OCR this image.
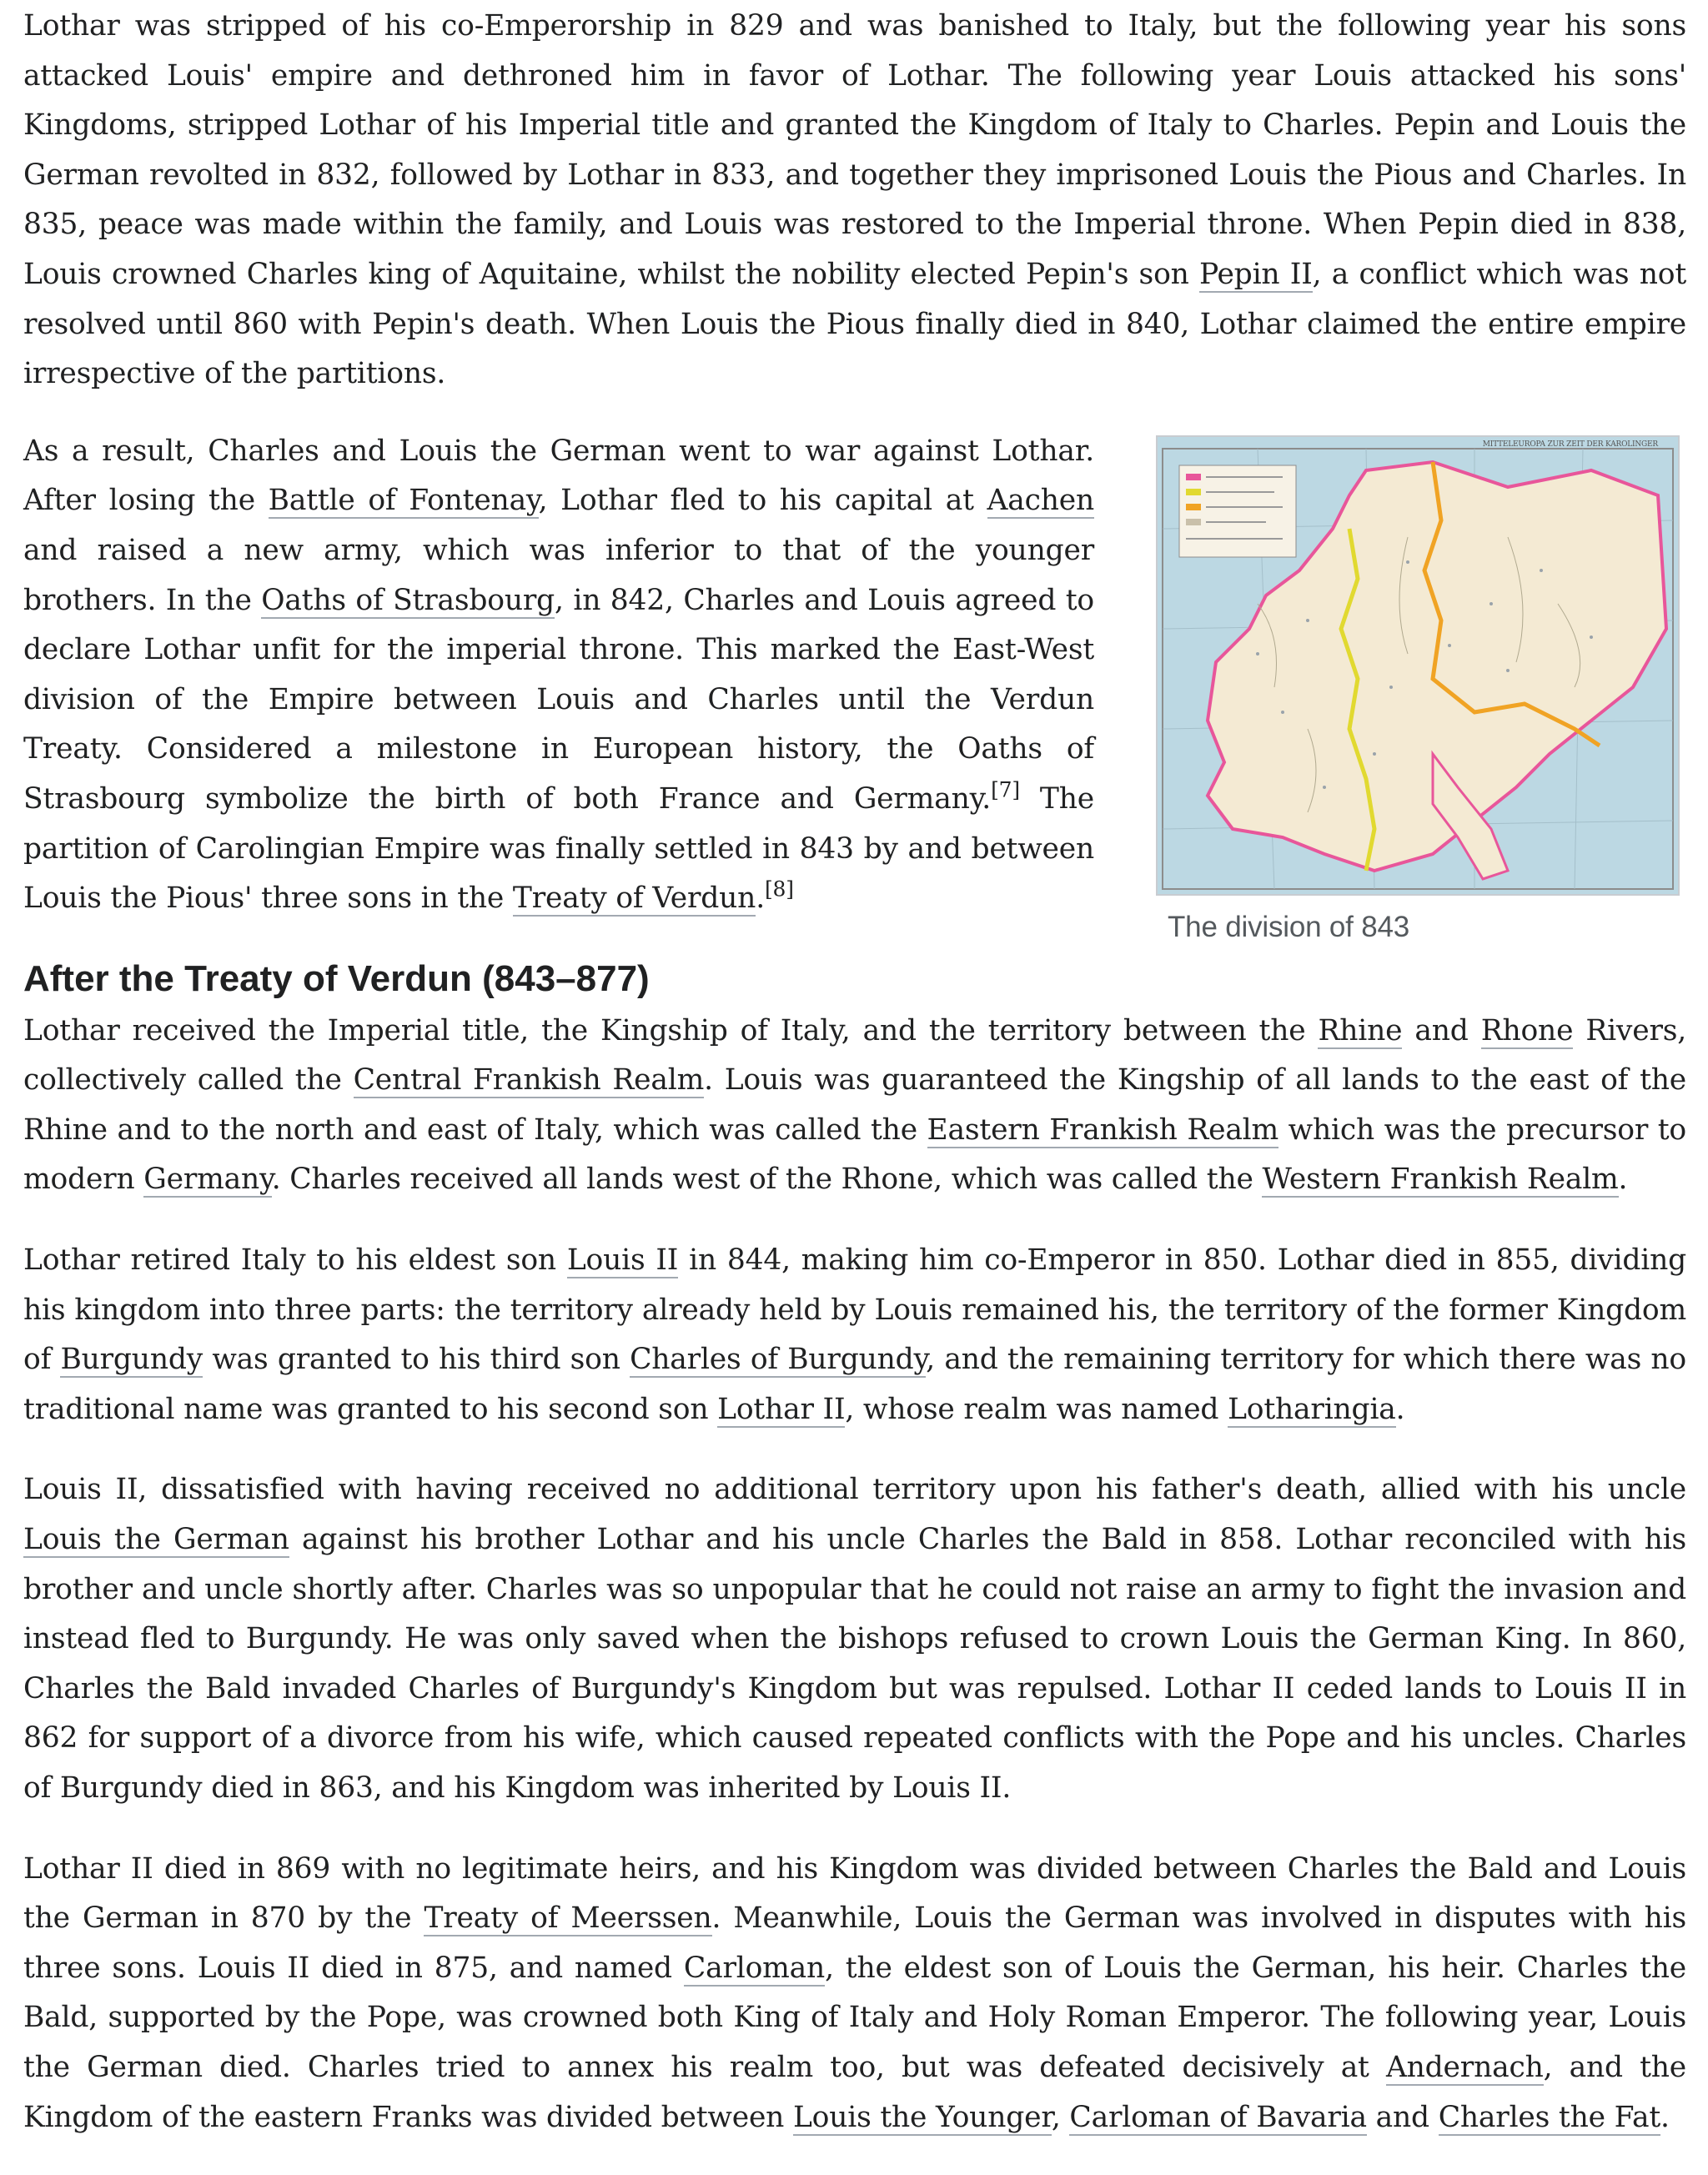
Lothar was stripped of his co-Emperorship in 829 and was banished to Italy, but the following year his sons attacked Louis' empire and dethroned him in favor of Lothar. The following year Louis attacked his sons' Kingdoms, stripped Lothar of his Imperial title and granted the Kingdom of Italy to Charles. Pepin and Louis the German revolted in 832, followed by Lothar in 833, and together they imprisoned Louis the Pious and Charles. In 835, peace was made within the family, and Louis was restored to the Imperial throne. When Pepin died in 838, Louis crowned Charles king of Aquitaine, whilst the nobility elected Pepin's son Pepin II, a conflict which was not resolved until 860 with Pepin's death. When Louis the Pious finally died in 840, Lothar claimed the entire empire irrespective of the partitions.

MITTELEUROPA ZUR ZEIT DER KAROLINGER
The division of 843
As a result, Charles and Louis the German went to war against Lothar. After losing the Battle of Fontenay, Lothar fled to his capital at Aachen and raised a new army, which was inferior to that of the younger brothers. In the Oaths of Strasbourg, in 842, Charles and Louis agreed to declare Lothar unfit for the imperial throne. This marked the East-West division of the Empire between Louis and Charles until the Verdun Treaty. Considered a milestone in European history, the Oaths of Strasbourg symbolize the birth of both France and Germany.[7] The partition of Carolingian Empire was finally settled in 843 by and between Louis the Pious' three sons in the Treaty of Verdun.[8]

After the Treaty of Verdun (843–877)

Lothar received the Imperial title, the Kingship of Italy, and the territory between the Rhine and Rhone Rivers, collectively called the Central Frankish Realm. Louis was guaranteed the Kingship of all lands to the east of the Rhine and to the north and east of Italy, which was called the Eastern Frankish Realm which was the precursor to modern Germany. Charles received all lands west of the Rhone, which was called the Western Frankish Realm.

Lothar retired Italy to his eldest son Louis II in 844, making him co-Emperor in 850. Lothar died in 855, dividing his kingdom into three parts: the territory already held by Louis remained his, the territory of the former Kingdom of Burgundy was granted to his third son Charles of Burgundy, and the remaining territory for which there was no traditional name was granted to his second son Lothar II, whose realm was named Lotharingia.

Louis II, dissatisfied with having received no additional territory upon his father's death, allied with his uncle Louis the German against his brother Lothar and his uncle Charles the Bald in 858. Lothar reconciled with his brother and uncle shortly after. Charles was so unpopular that he could not raise an army to fight the invasion and instead fled to Burgundy. He was only saved when the bishops refused to crown Louis the German King. In 860, Charles the Bald invaded Charles of Burgundy's Kingdom but was repulsed. Lothar II ceded lands to Louis II in 862 for support of a divorce from his wife, which caused repeated conflicts with the Pope and his uncles. Charles of Burgundy died in 863, and his Kingdom was inherited by Louis II.

Lothar II died in 869 with no legitimate heirs, and his Kingdom was divided between Charles the Bald and Louis the German in 870 by the Treaty of Meerssen. Meanwhile, Louis the German was involved in disputes with his three sons. Louis II died in 875, and named Carloman, the eldest son of Louis the German, his heir. Charles the Bald, supported by the Pope, was crowned both King of Italy and Holy Roman Emperor. The following year, Louis the German died. Charles tried to annex his realm too, but was defeated decisively at Andernach, and the Kingdom of the eastern Franks was divided between Louis the Younger, Carloman of Bavaria and Charles the Fat.
